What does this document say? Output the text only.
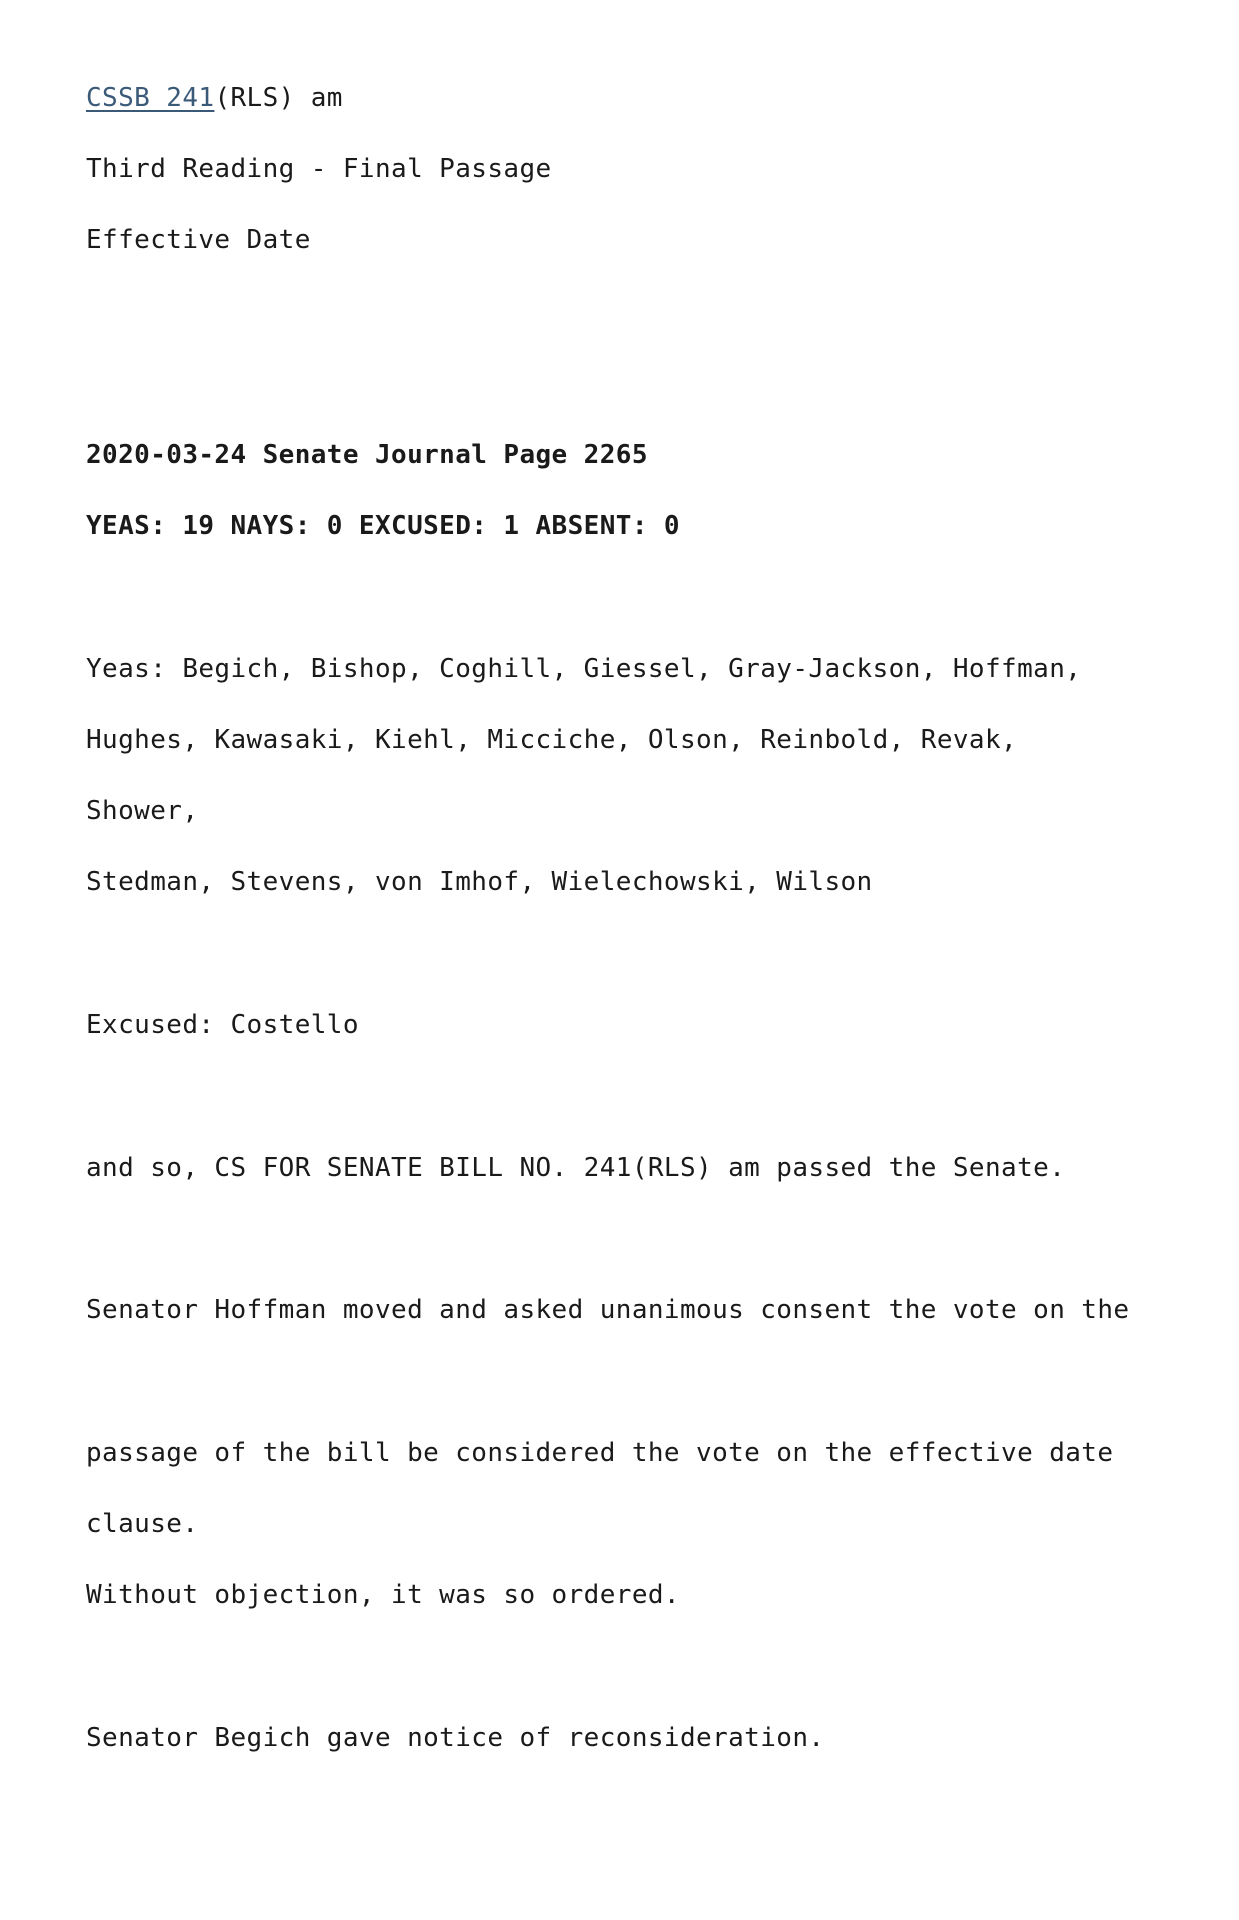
CSSB 241(RLS) am

Third Reading - Final Passage

Effective Date

2020-03-24 Senate Journal Page 2265

YEAS: 19 NAYS: 0 EXCUSED: 1 ABSENT: 0

Yeas: Begich, Bishop, Coghill, Giessel, Gray-Jackson, Hoffman,

Hughes, Kawasaki, Kiehl, Micciche, Olson, Reinbold, Revak,

Shower,

Stedman, Stevens, von Imhof, Wielechowski, Wilson

Excused: Costello

and so, CS FOR SENATE BILL NO. 241(RLS) am passed the Senate.

Senator Hoffman moved and asked unanimous consent the vote on the

passage of the bill be considered the vote on the effective date

clause.

Without objection, it was so ordered.

Senator Begich gave notice of reconsideration.
